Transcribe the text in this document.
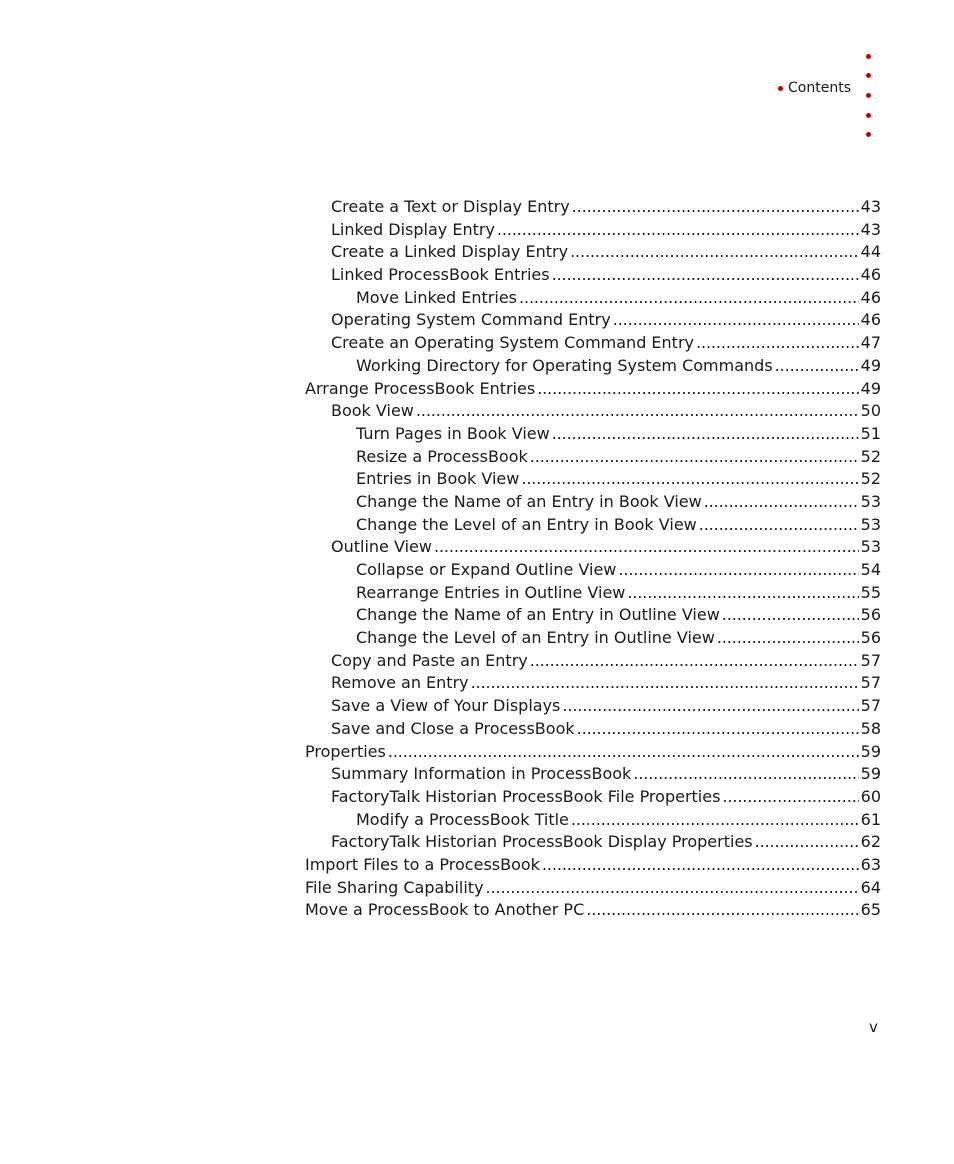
Contents
Create a Text or Display Entry . . .	43
Linked Display Entry . . .	43
Create a Linked Display Entry . . .	44
Linked ProcessBook Entries . . .	46
Move Linked Entries . . .	46
Operating System Command Entry . . .	46
Create an Operating System Command Entry . . .	47
Working Directory for Operating System Commands . . .	49
Arrange ProcessBook Entries . . .	49
Book View . . .	50
Turn Pages in Book View . . .	51
Resize a ProcessBook . . .	52
Entries in Book View . . .	52
Change the Name of an Entry in Book View . . .	53
Change the Level of an Entry in Book View . . .	53
Outline View . . .	53
Collapse or Expand Outline View . . .	54
Rearrange Entries in Outline View . . .	55
Change the Name of an Entry in Outline View . . .	56
Change the Level of an Entry in Outline View . . .	56
Copy and Paste an Entry . . .	57
Remove an Entry . . .	57
Save a View of Your Displays . . .	57
Save and Close a ProcessBook . . .	58
Properties . . .	59
Summary Information in ProcessBook . . .	59
FactoryTalk Historian ProcessBook File Properties . . .	60
Modify a ProcessBook Title . . .	61
FactoryTalk Historian ProcessBook Display Properties . . .	62
Import Files to a ProcessBook . . .	63
File Sharing Capability . . .	64
Move a ProcessBook to Another PC . . .	65
v
